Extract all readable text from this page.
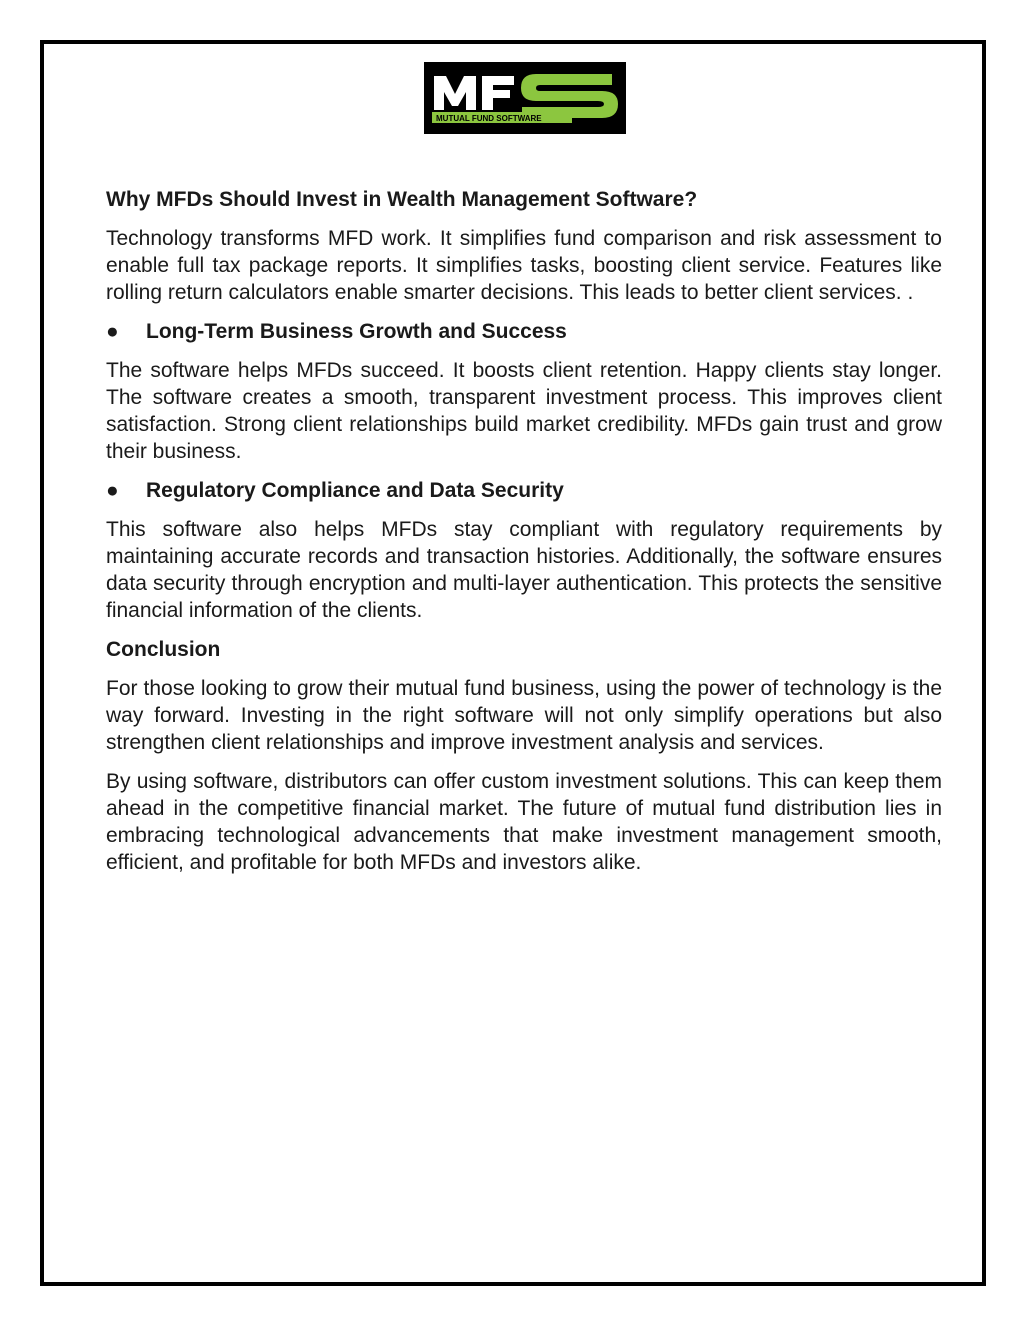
MUTUAL FUND SOFTWARE
Why MFDs Should Invest in Wealth Management Software?

Technology transforms MFD work. It simplifies fund comparison and risk assessment to enable full tax package reports. It simplifies tasks, boosting client service. Features like rolling return calculators enable smarter decisions. This leads to better client services. .

●	Long-Term Business Growth and Success

The software helps MFDs succeed. It boosts client retention. Happy clients stay longer. The software creates a smooth, transparent investment process. This improves client satisfaction. Strong client relationships build market credibility. MFDs gain trust and grow their business.

●	Regulatory Compliance and Data Security

This software also helps MFDs stay compliant with regulatory requirements by maintaining accurate records and transaction histories. Additionally, the software ensures data security through encryption and multi-layer authentication. This protects the sensitive financial information of the clients.

Conclusion

For those looking to grow their mutual fund business, using the power of technology is the way forward. Investing in the right software will not only simplify operations but also strengthen client relationships and improve investment analysis and services.

By using software, distributors can offer custom investment solutions. This can keep them ahead in the competitive financial market. The future of mutual fund distribution lies in embracing technological advancements that make investment management smooth, efficient, and profitable for both MFDs and investors alike.
